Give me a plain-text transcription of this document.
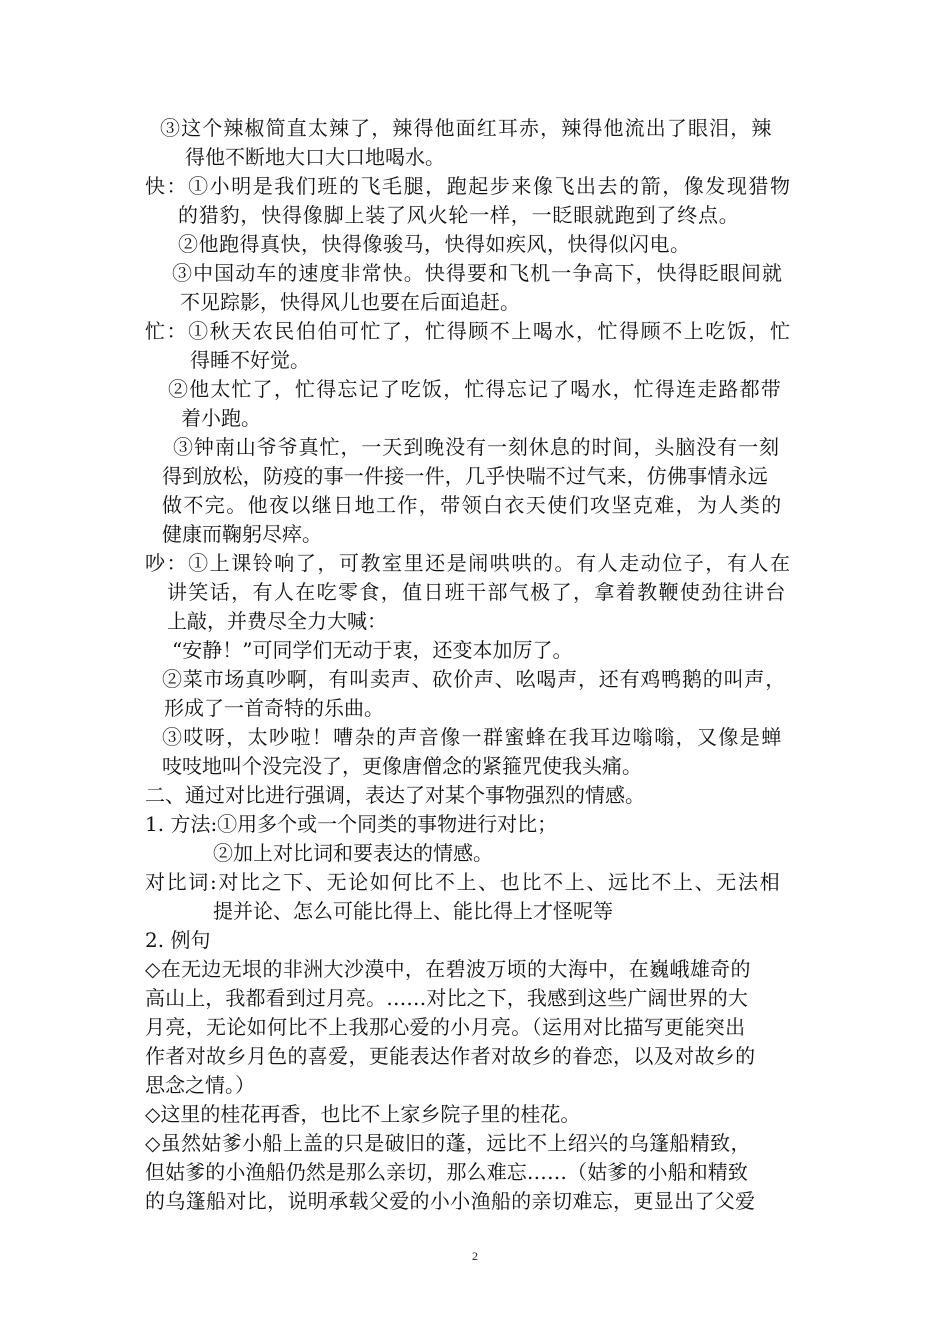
③这个辣椒简直太辣了，辣得他面红耳赤，辣得他流出了眼泪，辣
得他不断地大口大口地喝水。
快：①小明是我们班的飞毛腿，跑起步来像飞出去的箭，像发现猎物
的猎豹，快得像脚上装了风火轮一样，一眨眼就跑到了终点。
②他跑得真快，快得像骏马，快得如疾风，快得似闪电。
③中国动车的速度非常快。快得要和飞机一争高下，快得眨眼间就
不见踪影，快得风儿也要在后面追赶。
忙：①秋天农民伯伯可忙了，忙得顾不上喝水，忙得顾不上吃饭，忙
得睡不好觉。
②他太忙了，忙得忘记了吃饭，忙得忘记了喝水，忙得连走路都带
着小跑。
③钟南山爷爷真忙，一天到晚没有一刻休息的时间，头脑没有一刻
得到放松，防疫的事一件接一件，几乎快喘不过气来，仿佛事情永远
做不完。他夜以继日地工作，带领白衣天使们攻坚克难，为人类的
健康而鞠躬尽瘁。
吵：①上课铃响了，可教室里还是闹哄哄的。有人走动位子，有人在
讲笑话，有人在吃零食，值日班干部气极了，拿着教鞭使劲往讲台
上敲，并费尽全力大喊：
“安静！”可同学们无动于衷，还变本加厉了。
②菜市场真吵啊，有叫卖声、砍价声、吆喝声，还有鸡鸭鹅的叫声，
形成了一首奇特的乐曲。
③哎呀，太吵啦！嘈杂的声音像一群蜜蜂在我耳边嗡嗡，又像是蝉
吱吱地叫个没完没了，更像唐僧念的紧箍咒使我头痛。
二、通过对比进行强调，表达了对某个事物强烈的情感。
1. 方法:①用多个或一个同类的事物进行对比；
②加上对比词和要表达的情感。
对比词:对比之下、无论如何比不上、也比不上、远比不上、无法相
提并论、怎么可能比得上、能比得上才怪呢等
2. 例句
◇在无边无垠的非洲大沙漠中，在碧波万顷的大海中，在巍峨雄奇的
高山上，我都看到过月亮。……对比之下，我感到这些广阔世界的大
月亮，无论如何比不上我那心爱的小月亮。（运用对比描写更能突出
作者对故乡月色的喜爱，更能表达作者对故乡的眷恋，以及对故乡的
思念之情。）
◇这里的桂花再香，也比不上家乡院子里的桂花。
◇虽然姑爹小船上盖的只是破旧的蓬，远比不上绍兴的乌篷船精致，
但姑爹的小渔船仍然是那么亲切，那么难忘……（姑爹的小船和精致
的乌篷船对比，说明承载父爱的小小渔船的亲切难忘，更显出了父爱
2
